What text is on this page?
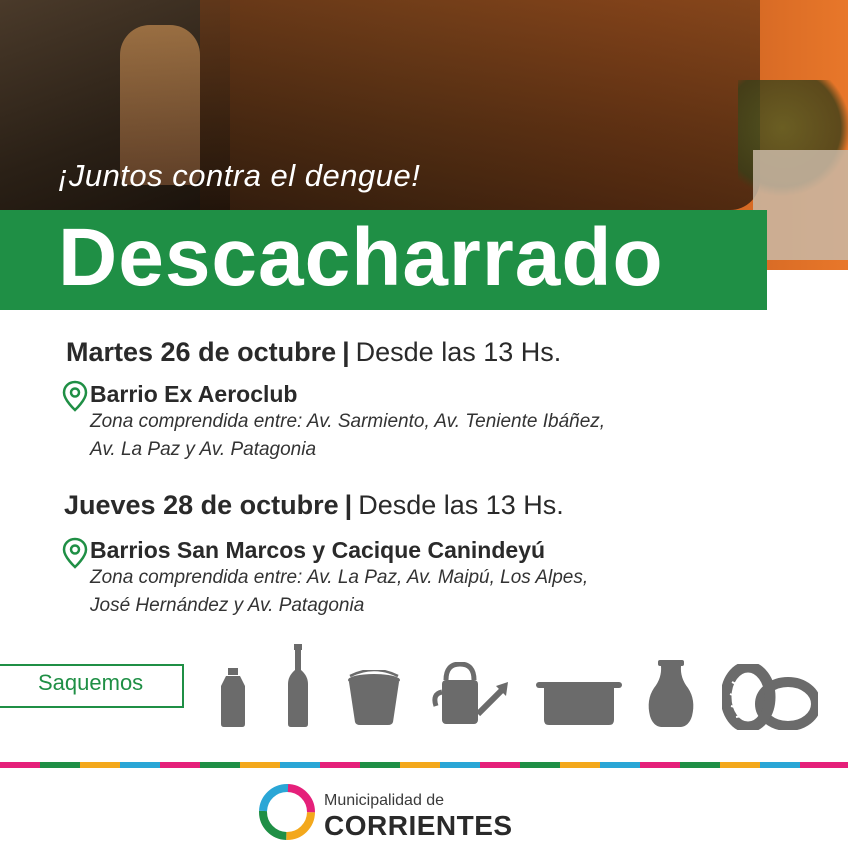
¡Juntos contra el dengue!
Descacharrado
Martes 26 de octubre | Desde las 13 Hs.
Barrio Ex Aeroclub
Zona comprendida entre: Av. Sarmiento, Av. Teniente Ibáñez,
Av. La Paz y Av. Patagonia
Jueves 28 de octubre | Desde las 13 Hs.
Barrios San Marcos y Cacique Canindeyú
Zona comprendida entre: Av. La Paz, Av. Maipú, Los Alpes,
José Hernández y Av. Patagonia
Saquemos
Municipalidad de
CORRIENTES
